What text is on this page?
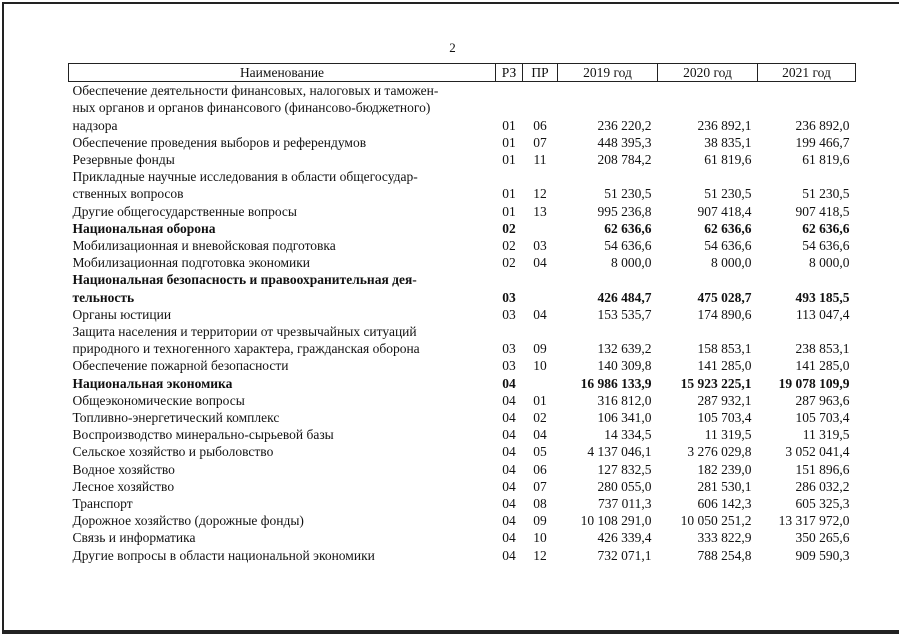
2
Наименование	РЗ	ПР	2019 год	2020 год	2021 год

Обеспечение деятельности финансовых, налоговых и таможен-
ных органов и органов финансового (финансово-бюджетного)
надзора	01	06	236 220,2	236 892,1	236 892,0

Обеспечение проведения выборов и референдумов	01	07	448 395,3	38 835,1	199 466,7

Резервные фонды	01	11	208 784,2	61 819,6	61 819,6

Прикладные научные исследования в области общегосудар-
ственных вопросов	01	12	51 230,5	51 230,5	51 230,5

Другие общегосударственные вопросы	01	13	995 236,8	907 418,4	907 418,5

Национальная оборона	02		62 636,6	62 636,6	62 636,6

Мобилизационная и вневойсковая подготовка	02	03	54 636,6	54 636,6	54 636,6

Мобилизационная подготовка экономики	02	04	8 000,0	8 000,0	8 000,0

Национальная безопасность и правоохранительная дея-
тельность	03		426 484,7	475 028,7	493 185,5

Органы юстиции	03	04	153 535,7	174 890,6	113 047,4

Защита населения и территории от чрезвычайных ситуаций
природного и техногенного характера, гражданская оборона	03	09	132 639,2	158 853,1	238 853,1

Обеспечение пожарной безопасности	03	10	140 309,8	141 285,0	141 285,0

Национальная экономика	04		16 986 133,9	15 923 225,1	19 078 109,9

Общеэкономические вопросы	04	01	316 812,0	287 932,1	287 963,6

Топливно-энергетический комплекс	04	02	106 341,0	105 703,4	105 703,4

Воспроизводство минерально-сырьевой базы	04	04	14 334,5	11 319,5	11 319,5

Сельское хозяйство и рыболовство	04	05	4 137 046,1	3 276 029,8	3 052 041,4

Водное хозяйство	04	06	127 832,5	182 239,0	151 896,6

Лесное хозяйство	04	07	280 055,0	281 530,1	286 032,2

Транспорт	04	08	737 011,3	606 142,3	605 325,3

Дорожное хозяйство (дорожные фонды)	04	09	10 108 291,0	10 050 251,2	13 317 972,0

Связь и информатика	04	10	426 339,4	333 822,9	350 265,6

Другие вопросы в области национальной экономики	04	12	732 071,1	788 254,8	909 590,3
